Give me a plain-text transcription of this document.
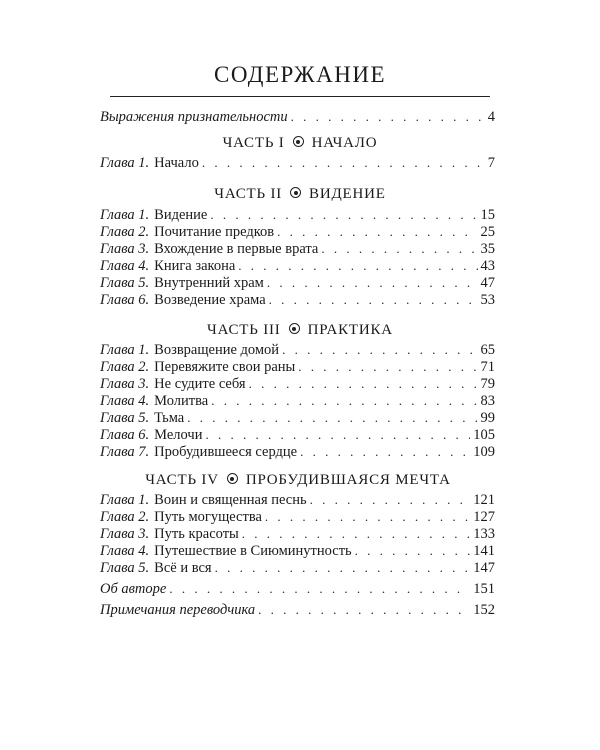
СОДЕРЖАНИЕ
Выражения признательности . . .	4
ЧАСТЬ I НАЧАЛО
Глава 1. Начало . . .	7
ЧАСТЬ II ВИДЕНИЕ
Глава 1. Видение . . .	15
Глава 2. Почитание предков . . .	25
Глава 3. Вхождение в первые врата . . .	35
Глава 4. Книга закона . . .	43
Глава 5. Внутренний храм . . .	47
Глава 6. Возведение храма . . .	53
ЧАСТЬ III ПРАКТИКА
Глава 1. Возвращение домой . . .	65
Глава 2. Перевяжите свои раны . . .	71
Глава 3. Не судите себя . . .	79
Глава 4. Молитва . . .	83
Глава 5. Тьма . . .	99
Глава 6. Мелочи . . .	105
Глава 7. Пробудившееся сердце . . .	109
ЧАСТЬ IV ПРОБУДИВШАЯСЯ МЕЧТА
Глава 1. Воин и священная песнь . . .	121
Глава 2. Путь могущества . . .	127
Глава 3. Путь красоты . . .	133
Глава 4. Путешествие в Сиюминутность . . .	141
Глава 5. Всё и вся . . .	147
Об авторе . . .	151
Примечания переводчика . . .	152
